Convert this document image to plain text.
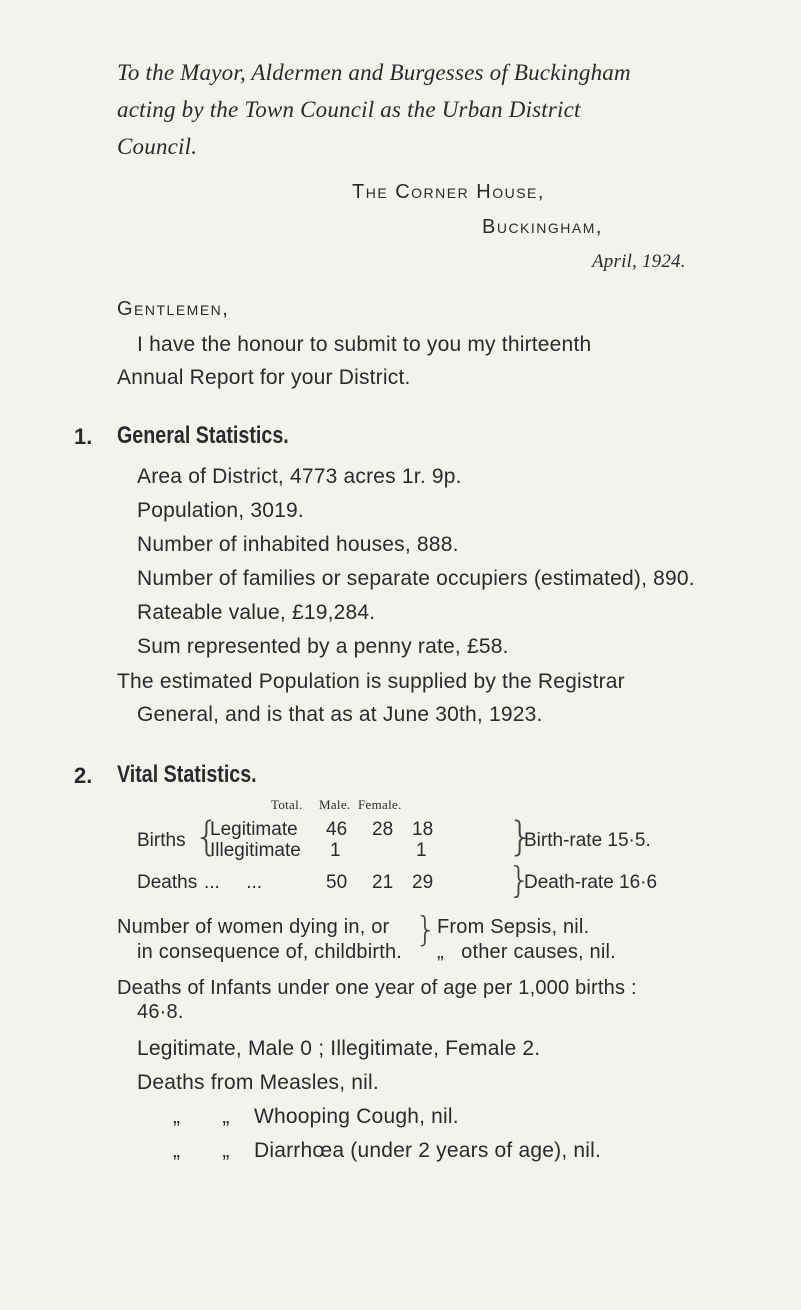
To the Mayor, Aldermen and Burgesses of Buckingham
acting by the Town Council as the Urban District
Council.
The Corner House,
Buckingham,
April, 1924.
Gentlemen,
I have the honour to submit to you my thirteenth
Annual Report for your District.
1. General Statistics.
Area of District, 4773 acres 1r. 9p.
Population, 3019.
Number of inhabited houses, 888.
Number of families or separate occupiers (estimated), 890.
Rateable value, £19,284.
Sum represented by a penny rate, £58.
The estimated Population is supplied by the Registrar
General, and is that as at June 30th, 1923.
2. Vital Statistics.
Total. Male. Female.
Births {
Legitimate
Illegitimate
46 28 18
1	1 }
Birth-rate 15·5.
Deaths ...     ...	50 21 29 }
Death-rate 16·6
Number of women dying in, or
in consequence of, childbirth.
} From Sepsis, nil.
„   other causes, nil.
Deaths of Infants under one year of age per 1,000 births :
46·8.
Legitimate, Male 0 ; Illegitimate, Female 2.
Deaths from Measles, nil.
„       „ Whooping Cough, nil.
„       „ Diarrhœa (under 2 years of age), nil.
